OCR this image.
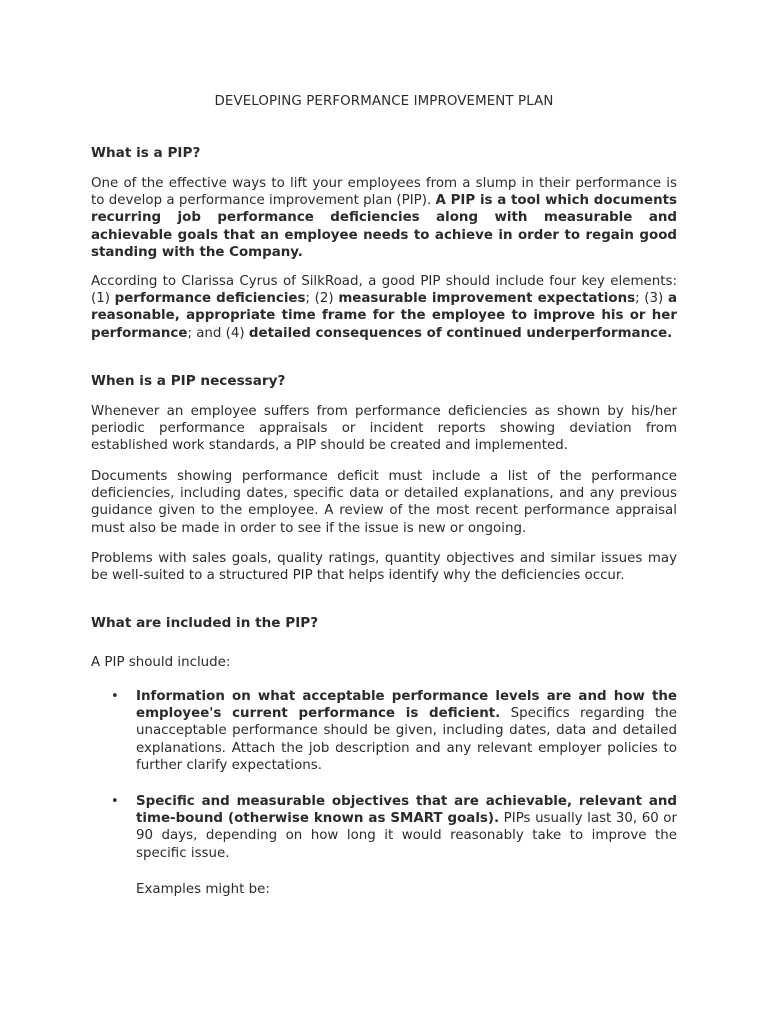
DEVELOPING PERFORMANCE IMPROVEMENT PLAN
What is a PIP?
One of the effective ways to lift your employees from a slump in their performance is to develop a performance improvement plan (PIP). A PIP is a tool which documents recurring job performance deficiencies along with measurable and achievable goals that an employee needs to achieve in order to regain good standing with the Company.
According to Clarissa Cyrus of SilkRoad, a good PIP should include four key elements: (1) performance deficiencies; (2) measurable improvement expectations; (3) a reasonable, appropriate time frame for the employee to improve his or her performance; and (4) detailed consequences of continued underperformance.
When is a PIP necessary?
Whenever an employee suffers from performance deficiencies as shown by his/her periodic performance appraisals or incident reports showing deviation from established work standards, a PIP should be created and implemented.
Documents showing performance deficit must include a list of the performance deficiencies, including dates, specific data or detailed explanations, and any previous guidance given to the employee. A review of the most recent performance appraisal must also be made in order to see if the issue is new or ongoing.
Problems with sales goals, quality ratings, quantity objectives and similar issues may be well-suited to a structured PIP that helps identify why the deficiencies occur.
What are included in the PIP?
A PIP should include:
• Information on what acceptable performance levels are and how the employee's current performance is deficient. Specifics regarding the unacceptable performance should be given, including dates, data and detailed explanations. Attach the job description and any relevant employer policies to further clarify expectations.
• Specific and measurable objectives that are achievable, relevant and time-bound (otherwise known as SMART goals). PIPs usually last 30, 60 or 90 days, depending on how long it would reasonably take to improve the specific issue.
Examples might be:
